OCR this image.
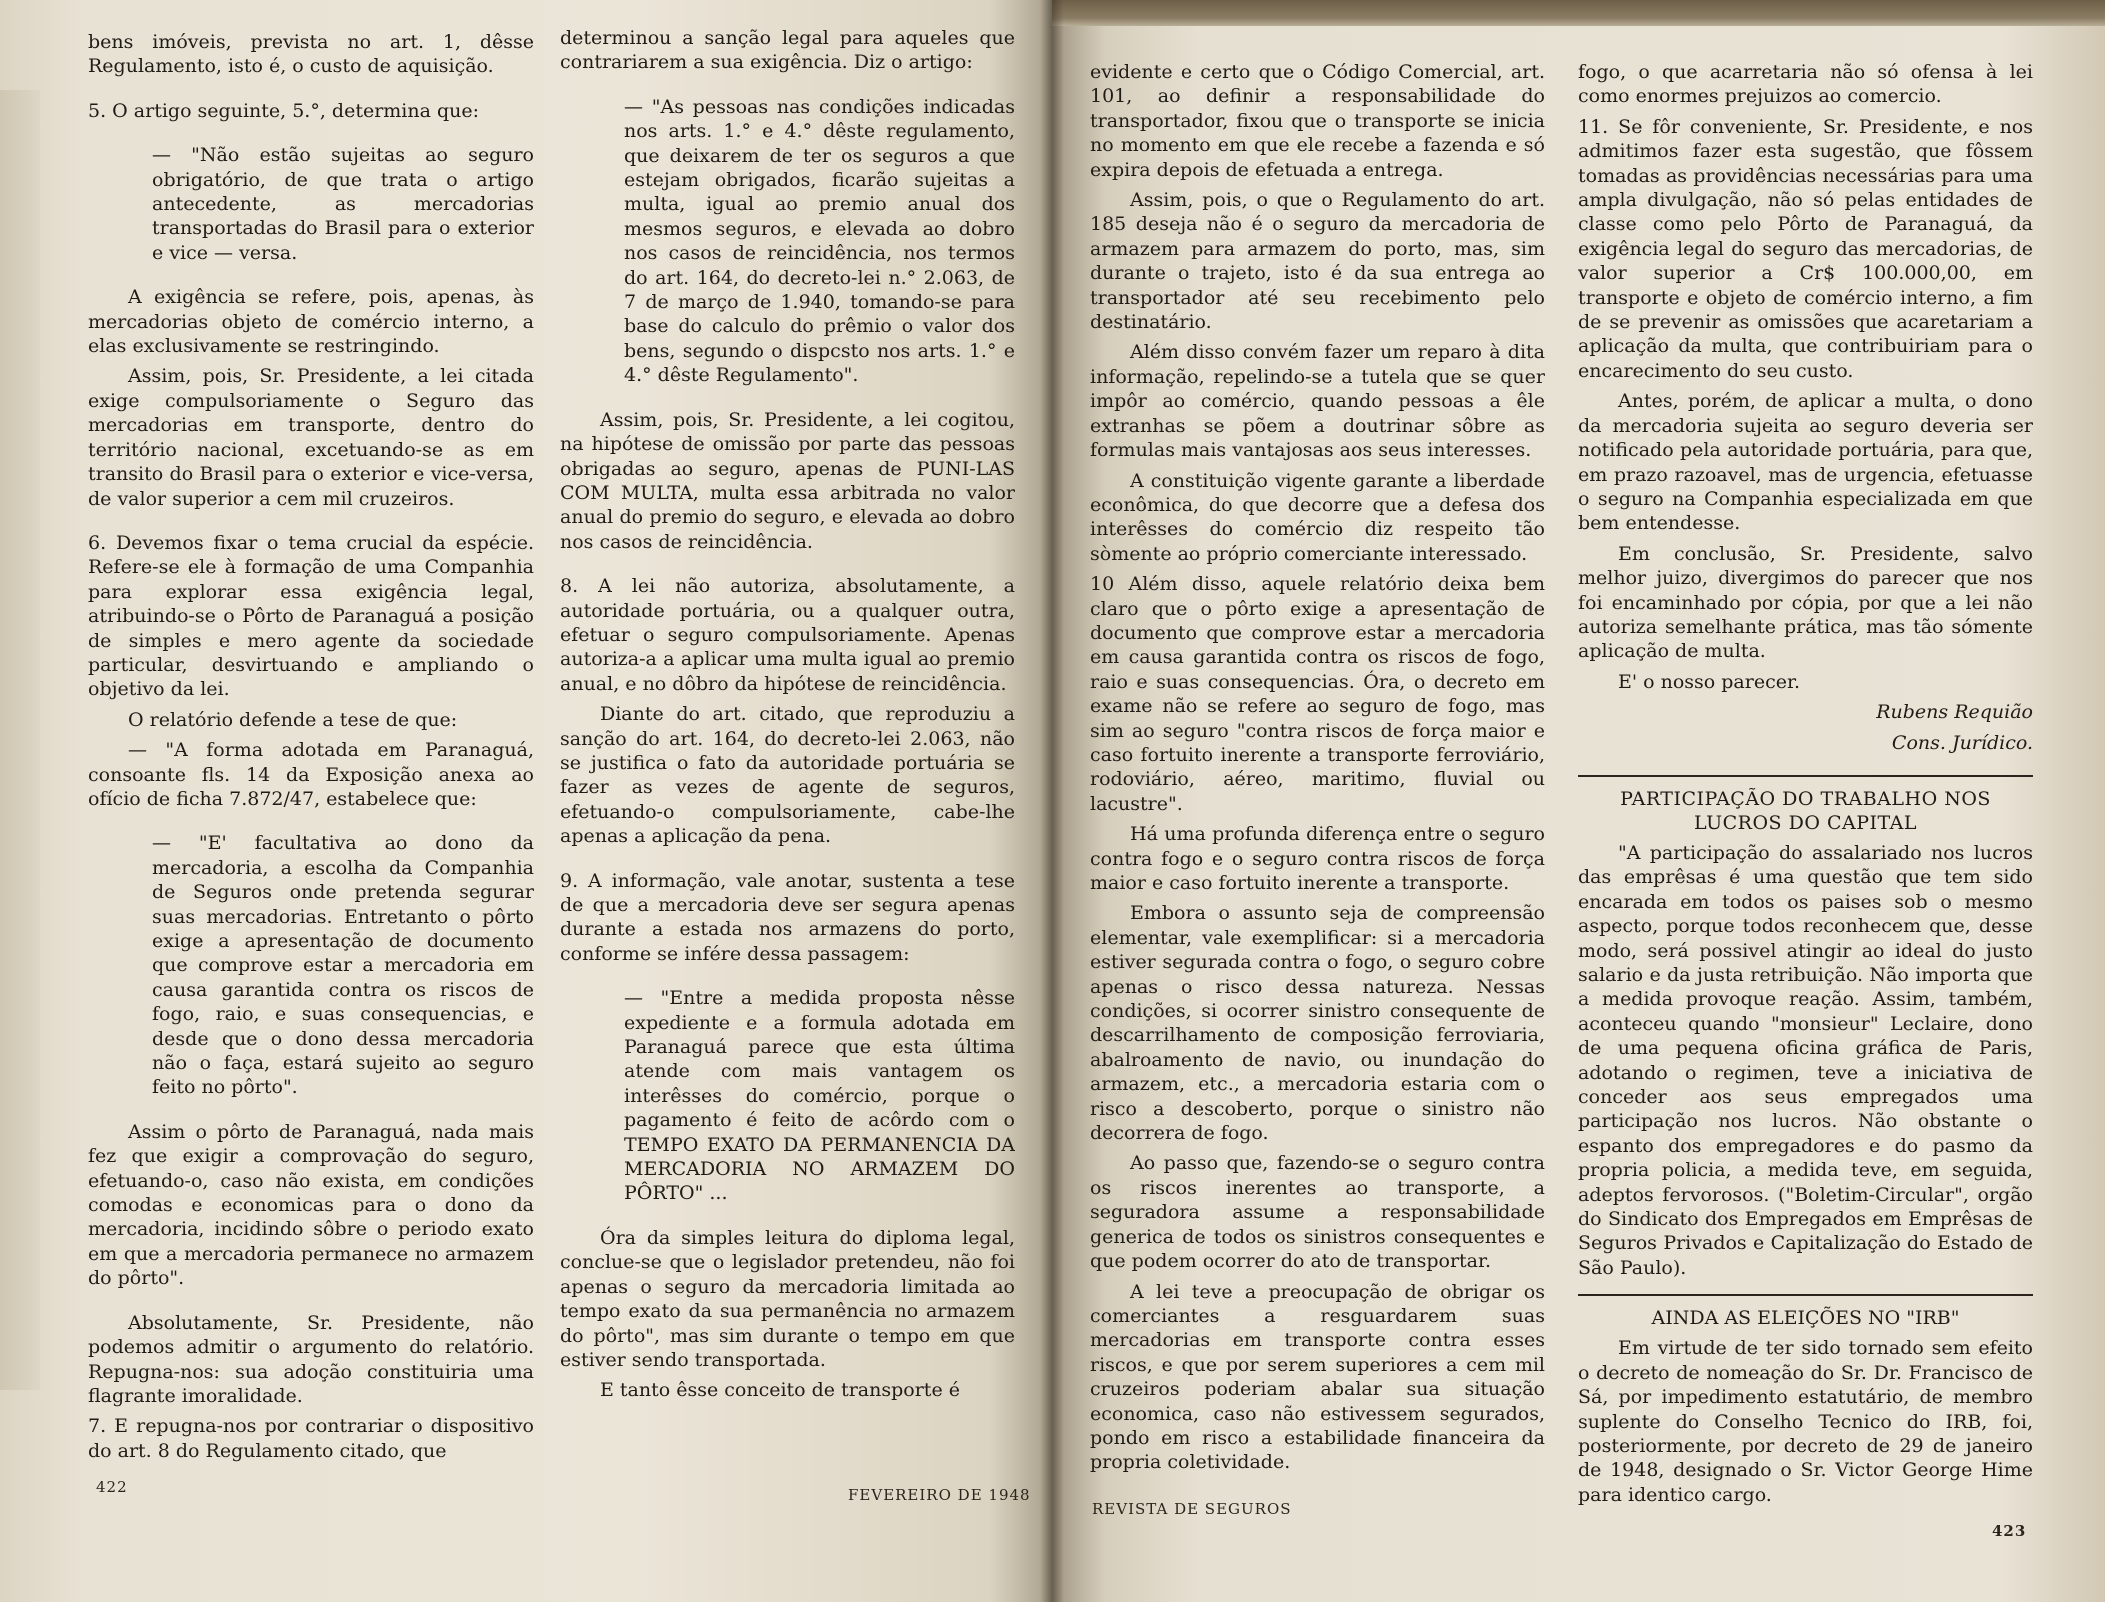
bens imóveis, prevista no art. 1, dêsse Regulamento, isto é, o custo de aquisição.

5. O artigo seguinte, 5.°, determina que:

— "Não estão sujeitas ao seguro obrigatório, de que trata o artigo antecedente, as mercadorias transportadas do Brasil para o exterior e vice — versa.

A exigência se refere, pois, apenas, às mercadorias objeto de comércio interno, a elas exclusivamente se restringindo.

Assim, pois, Sr. Presidente, a lei citada exige compulsoriamente o Seguro das mercadorias em transporte, dentro do território nacional, excetuando-se as em transito do Brasil para o exterior e vice-versa, de valor superior a cem mil cruzeiros.

6. Devemos fixar o tema crucial da espécie. Refere-se ele à formação de uma Companhia para explorar essa exigência legal, atribuindo-se o Pôrto de Paranaguá a posição de simples e mero agente da sociedade particular, desvirtuando e ampliando o objetivo da lei.

O relatório defende a tese de que:

— "A forma adotada em Paranaguá, consoante fls. 14 da Exposição anexa ao ofício de ficha 7.872/47, estabelece que:

— "E' facultativa ao dono da mercadoria, a escolha da Companhia de Seguros onde pretenda segurar suas mercadorias. Entretanto o pôrto exige a apresentação de documento que comprove estar a mercadoria em causa garantida contra os riscos de fogo, raio, e suas consequencias, e desde que o dono dessa mercadoria não o faça, estará sujeito ao seguro feito no pôrto".

Assim o pôrto de Paranaguá, nada mais fez que exigir a comprovação do seguro, efetuando-o, caso não exista, em condições comodas e economicas para o dono da mercadoria, incidindo sôbre o periodo exato em que a mercadoria permanece no armazem do pôrto".

Absolutamente, Sr. Presidente, não podemos admitir o argumento do relatório. Repugna-nos: sua adoção constituiria uma flagrante imoralidade.

7. E repugna-nos por contrariar o dispositivo do art. 8 do Regulamento citado, que

determinou a sanção legal para aqueles que contrariarem a sua exigência. Diz o artigo:

— "As pessoas nas condições indicadas nos arts. 1.° e 4.° dêste regulamento, que deixarem de ter os seguros a que estejam obrigados, ficarão sujeitas a multa, igual ao premio anual dos mesmos seguros, e elevada ao dobro nos casos de reincidência, nos termos do art. 164, do decreto-lei n.° 2.063, de 7 de março de 1.940, tomando-se para base do calculo do prêmio o valor dos bens, segundo o dispcsto nos arts. 1.° e 4.° dêste Regulamento".

Assim, pois, Sr. Presidente, a lei cogitou, na hipótese de omissão por parte das pessoas obrigadas ao seguro, apenas de PUNI-LAS COM MULTA, multa essa arbitrada no valor anual do premio do seguro, e elevada ao dobro nos casos de reincidência.

8. A lei não autoriza, absolutamente, a autoridade portuária, ou a qualquer outra, efetuar o seguro compulsoriamente. Apenas autoriza-a a aplicar uma multa igual ao premio anual, e no dôbro da hipótese de reincidência.

Diante do art. citado, que reproduziu a sanção do art. 164, do decreto-lei 2.063, não se justifica o fato da autoridade portuária se fazer as vezes de agente de seguros, efetuando-o compulsoriamente, cabe-lhe apenas a aplicação da pena.

9. A informação, vale anotar, sustenta a tese de que a mercadoria deve ser segura apenas durante a estada nos armazens do porto, conforme se infére dessa passagem:

— "Entre a medida proposta nêsse expediente e a formula adotada em Paranaguá parece que esta última atende com mais vantagem os interêsses do comércio, porque o pagamento é feito de acôrdo com o TEMPO EXATO DA PERMANENCIA DA MERCADORIA NO ARMAZEM DO PÔRTO" ...

Óra da simples leitura do diploma legal, conclue-se que o legislador pretendeu, não foi apenas o seguro da mercadoria limitada ao tempo exato da sua permanência no armazem do pôrto", mas sim durante o tempo em que estiver sendo transportada.

E tanto êsse conceito de transporte é

422	FEVEREIRO DE 1948

evidente e certo que o Código Comercial, art. 101, ao definir a responsabilidade do transportador, fixou que o transporte se inicia no momento em que ele recebe a fazenda e só expira depois de efetuada a entrega.

Assim, pois, o que o Regulamento do art. 185 deseja não é o seguro da mercadoria de armazem para armazem do porto, mas, sim durante o trajeto, isto é da sua entrega ao transportador até seu recebimento pelo destinatário.

Além disso convém fazer um reparo à dita informação, repelindo-se a tutela que se quer impôr ao comércio, quando pessoas a êle extranhas se põem a doutrinar sôbre as formulas mais vantajosas aos seus interesses.

A constituição vigente garante a liberdade econômica, do que decorre que a defesa dos interêsses do comércio diz respeito tão sòmente ao próprio comerciante interessado.

10 Além disso, aquele relatório deixa bem claro que o pôrto exige a apresentação de documento que comprove estar a mercadoria em causa garantida contra os riscos de fogo, raio e suas consequencias. Óra, o decreto em exame não se refere ao seguro de fogo, mas sim ao seguro "contra riscos de força maior e caso fortuito inerente a transporte ferroviário, rodoviário, aéreo, maritimo, fluvial ou lacustre".

Há uma profunda diferença entre o seguro contra fogo e o seguro contra riscos de força maior e caso fortuito inerente a transporte.

Embora o assunto seja de compreensão elementar, vale exemplificar: si a mercadoria estiver segurada contra o fogo, o seguro cobre apenas o risco dessa natureza. Nessas condições, si ocorrer sinistro consequente de descarrilhamento de composição ferroviaria, abalroamento de navio, ou inundação do armazem, etc., a mercadoria estaria com o risco a descoberto, porque o sinistro não decorrera de fogo.

Ao passo que, fazendo-se o seguro contra os riscos inerentes ao transporte, a seguradora assume a responsabilidade generica de todos os sinistros consequentes e que podem ocorrer do ato de transportar.

A lei teve a preocupação de obrigar os comerciantes a resguardarem suas mercadorias em transporte contra esses riscos, e que por serem superiores a cem mil cruzeiros poderiam abalar sua situação economica, caso não estivessem segurados, pondo em risco a estabilidade financeira da propria coletividade.

fogo, o que acarretaria não só ofensa à lei como enormes prejuizos ao comercio.

11. Se fôr conveniente, Sr. Presidente, e nos admitimos fazer esta sugestão, que fôssem tomadas as providências necessárias para uma ampla divulgação, não só pelas entidades de classe como pelo Pôrto de Paranaguá, da exigência legal do seguro das mercadorias, de valor superior a Cr$ 100.000,00, em transporte e objeto de comércio interno, a fim de se prevenir as omissões que acaretariam a aplicação da multa, que contribuiriam para o encarecimento do seu custo.

Antes, porém, de aplicar a multa, o dono da mercadoria sujeita ao seguro deveria ser notificado pela autoridade portuária, para que, em prazo razoavel, mas de urgencia, efetuasse o seguro na Companhia especializada em que bem entendesse.

Em conclusão, Sr. Presidente, salvo melhor juizo, divergimos do parecer que nos foi encaminhado por cópia, por que a lei não autoriza semelhante prática, mas tão sómente aplicação de multa.

E' o nosso parecer.

Rubens Requião

Cons. Jurídico.

PARTICIPAÇÃO DO TRABALHO NOS LUCROS DO CAPITAL

"A participação do assalariado nos lucros das emprêsas é uma questão que tem sido encarada em todos os paises sob o mesmo aspecto, porque todos reconhecem que, desse modo, será possivel atingir ao ideal do justo salario e da justa retribuição. Não importa que a medida provoque reação. Assim, também, aconteceu quando "monsieur" Leclaire, dono de uma pequena oficina gráfica de Paris, adotando o regimen, teve a iniciativa de conceder aos seus empregados uma participação nos lucros. Não obstante o espanto dos empregadores e do pasmo da propria policia, a medida teve, em seguida, adeptos fervorosos. ("Boletim-Circular", orgão do Sindicato dos Empregados em Emprêsas de Seguros Privados e Capitalização do Estado de São Paulo).

AINDA AS ELEIÇÕES NO "IRB"

Em virtude de ter sido tornado sem efeito o decreto de nomeação do Sr. Dr. Francisco de Sá, por impedimento estatutário, de membro suplente do Conselho Tecnico do IRB, foi, posteriormente, por decreto de 29 de janeiro de 1948, designado o Sr. Victor George Hime para identico cargo.

REVISTA DE SEGUROS
423
